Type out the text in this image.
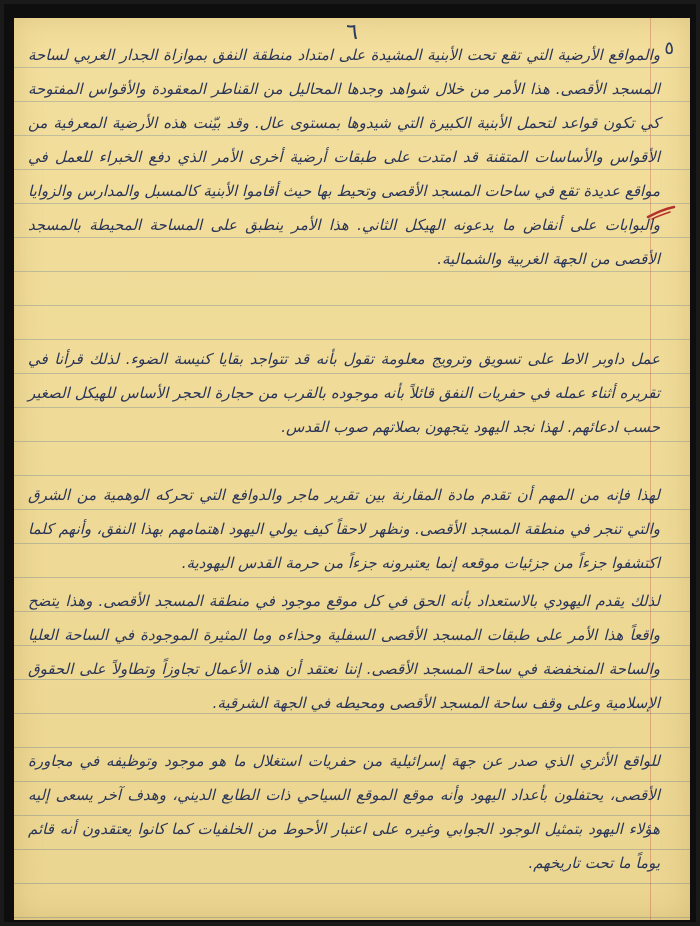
٦
٥
والمواقع الأرضية التي تقع تحت الأبنية المشيدة على امتداد منطقة النفق بموازاة الجدار الغربي لساحة المسجد الأقصى. هذا الأمر من خلال شواهد وجدها المحاليل من القناطر المعقودة والأقواس المفتوحة كي تكون قواعد لتحمل الأبنية الكبيرة التي شيدوها بمستوى عال. وقد بيّنت هذه الأرضية المعرفية من الأقواس والأساسات المتقنة قد امتدت على طبقات أرضية أخرى الأمر الذي دفع الخبراء للعمل في مواقع عديدة تقع في ساحات المسجد الأقصى وتحيط بها حيث أقاموا الأبنية كالمسبل والمدارس والزوايا والبوابات على أنقاض ما يدعونه الهيكل الثاني. هذا الأمر ينطبق على المساحة المحيطة بالمسجد الأقصى من الجهة الغربية والشمالية.
عمل داوبر الاط على تسويق وترويج معلومة تقول بأنه قد تتواجد بقايا كنيسة الضوء. لذلك قرأنا في تقريره أثناء عمله في حفريات النفق قائلاً بأنه موجوده بالقرب من حجارة الحجر الأساس للهيكل الصغير حسب ادعائهم. لهذا نجد اليهود يتجهون بصلاتهم صوب القدس.
لهذا فإنه من المهم أن تقدم مادة المقارنة بين تقرير ماجر والدوافع التي تحركه الوهمية من الشرق والتي تنجر في منطقة المسجد الأقصى. ونظهر لاحقاً كيف يولي اليهود اهتمامهم بهذا النفق، وأنهم كلما اكتشفوا جزءاً من جزئيات موقعه إنما يعتبرونه جزءاً من حرمة القدس اليهودية.
لذلك يقدم اليهودي بالاستعداد بأنه الحق في كل موقع موجود في منطقة المسجد الأقصى. وهذا يتضح واقعاً هذا الأمر على طبقات المسجد الأقصى السفلية وحذاءه وما المثيرة الموجودة في الساحة العليا والساحة المنخفضة في ساحة المسجد الأقصى. إننا نعتقد أن هذه الأعمال تجاوزاً وتطاولاً على الحقوق الإسلامية وعلى وقف ساحة المسجد الأقصى ومحيطه في الجهة الشرقية.
للواقع الأثري الذي صدر عن جهة إسرائيلية من حفريات استغلال ما هو موجود وتوظيفه في مجاورة الأقصى، يحتفلون بأعداد اليهود وأنه موقع الموقع السياحي ذات الطابع الديني، وهدف آخر يسعى إليه هؤلاء اليهود بتمثيل الوجود الجوابي وغيره على اعتبار الأحوط من الخلفيات كما كانوا يعتقدون أنه قائم يوماً ما تحت تاريخهم.
